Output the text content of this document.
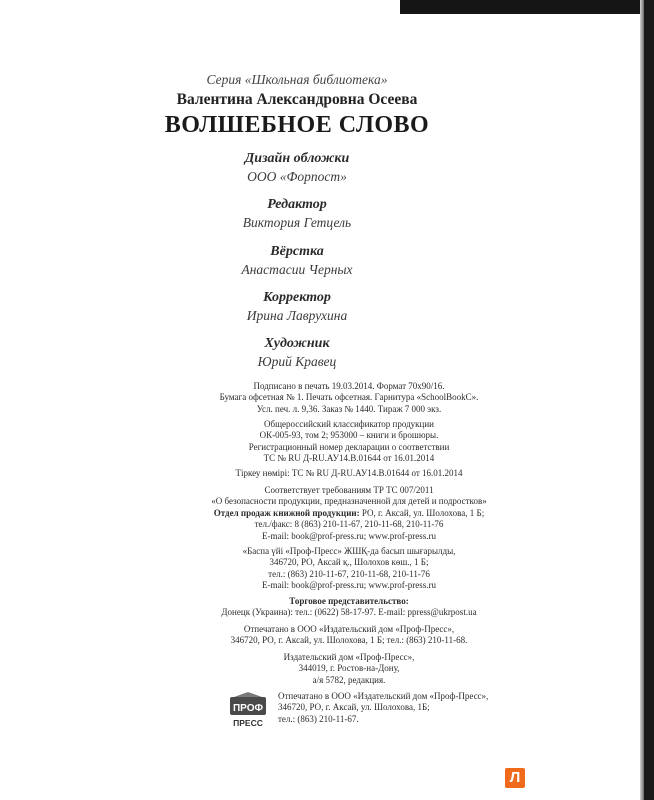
Серия «Школьная библиотека»
Валентина Александровна Осеева
ВОЛШЕБНОЕ СЛОВО
Дизайн обложки
ООО «Форпост»
Редактор
Виктория Гетцель
Вёрстка
Анастасии Черных
Корректор
Ирина Лаврухина
Художник
Юрий Кравец
Подписано в печать 19.03.2014. Формат 70х90/16.
Бумага офсетная № 1. Печать офсетная. Гарнитура «SchoolBookC».
Усл. печ. л. 9,36. Заказ № 1440. Тираж 7 000 экз.
Общероссийский классификатор продукции
ОК-005-93, том 2; 953000 – книги и брошюры.
Регистрационный номер декларации о соответствии
ТС № RU Д-RU.АУ14.В.01644 от 16.01.2014
Тіркеу нөмірі: ТС № RU Д-RU.АУ14.В.01644 от 16.01.2014
Соответствует требованиям ТР ТС 007/2011
«О безопасности продукции, предназначенной для детей и подростков»
Отдел продаж книжной продукции: РО, г. Аксай, ул. Шолохова, 1 Б;
тел./факс: 8 (863) 210-11-67, 210-11-68, 210-11-76
E-mail: book@prof-press.ru; www.prof-press.ru
«Баспа үйі «Проф-Пресс» ЖШҚ-да басып шығарылды,
346720, РО, Аксай қ., Шолохов көш., 1 Б;
тел.: (863) 210-11-67, 210-11-68, 210-11-76
E-mail: book@prof-press.ru; www.prof-press.ru
Торговое представительство:
Донецк (Украина): тел.: (0622) 58-17-97. E-mail: ppress@ukrpost.ua
Отпечатано в ООО «Издательский дом «Проф-Пресс»,
346720, РО, г. Аксай, ул. Шолохова, 1 Б; тел.: (863) 210-11-68.
Издательский дом «Проф-Пресс»,
344019, г. Ростов-на-Дону,
а/я 5782, редакция.
ПРОФ
ПРЕСС
Отпечатано в ООО «Издательский дом «Проф-Пресс»,
346720, РО, г. Аксай, ул. Шолохова, 1Б;
тел.: (863) 210-11-67.
Л
